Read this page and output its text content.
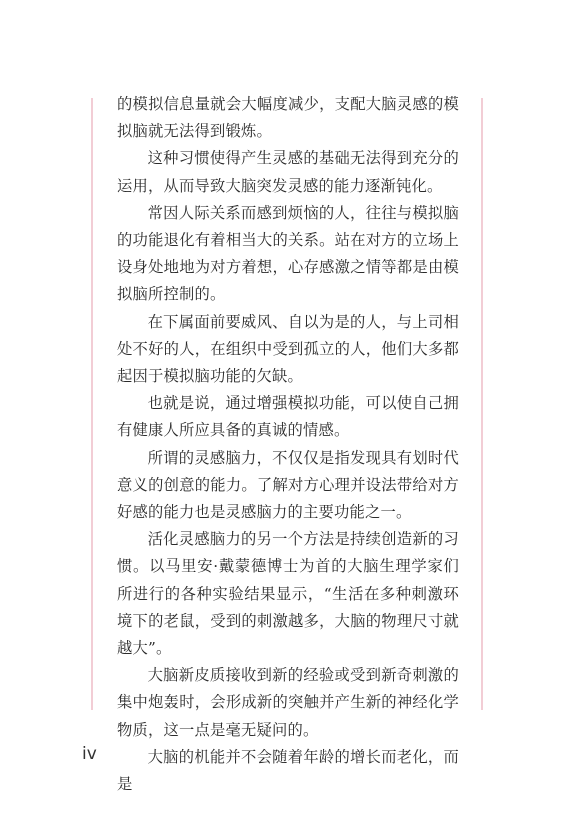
的模拟信息量就会大幅度减少，支配大脑灵感的模拟脑就无法得到锻炼。

这种习惯使得产生灵感的基础无法得到充分的运用，从而导致大脑突发灵感的能力逐渐钝化。

常因人际关系而感到烦恼的人，往往与模拟脑的功能退化有着相当大的关系。站在对方的立场上设身处地地为对方着想，心存感激之情等都是由模拟脑所控制的。

在下属面前要威风、自以为是的人，与上司相处不好的人，在组织中受到孤立的人，他们大多都起因于模拟脑功能的欠缺。

也就是说，通过增强模拟功能，可以使自己拥有健康人所应具备的真诚的情感。

所谓的灵感脑力，不仅仅是指发现具有划时代意义的创意的能力。了解对方心理并设法带给对方好感的能力也是灵感脑力的主要功能之一。

活化灵感脑力的另一个方法是持续创造新的习惯。以马里安·戴蒙德博士为首的大脑生理学家们所进行的各种实验结果显示，“生活在多种刺激环境下的老鼠，受到的刺激越多，大脑的物理尺寸就越大”。

大脑新皮质接收到新的经验或受到新奇刺激的集中炮轰时，会形成新的突触并产生新的神经化学物质，这一点是毫无疑问的。

大脑的机能并不会随着年龄的增长而老化，而是

iv
